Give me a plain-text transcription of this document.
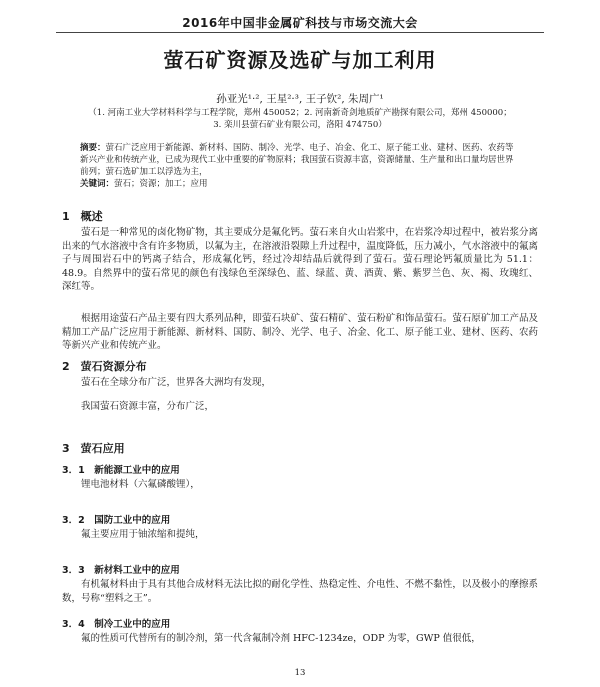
2016年中国非金属矿科技与市场交流大会
萤石矿资源及选矿与加工利用
孙亚光¹·², 王星²·³, 王子钦², 朱周广¹
（1. 河南工业大学材料科学与工程学院，郑州 450052；2. 河南新奇剑地质矿产勘探有限公司，郑州 450000；
3. 栾川县萤石矿业有限公司，洛阳 474750）
摘要：萤石广泛应用于新能源、新材料、国防、制冷、光学、电子、冶金、化工、原子能工业、建材、医药、农药等新兴产业和传统产业，已成为现代工业中重要的矿物原料；我国萤石资源丰富，资源储量、生产量和出口量均居世界前列；萤石选矿加工以浮选为主，
关键词：萤石；资源；加工；应用
1　概述
萤石是一种常见的卤化物矿物，其主要成分是氟化钙。萤石来自火山岩浆中，在岩浆冷却过程中，被岩浆分离出来的气水溶液中含有许多物质，以氟为主，在溶液沿裂隙上升过程中，温度降低，压力减小，气水溶液中的氟离子与周围岩石中的钙离子结合，形成氟化钙，经过冷却结晶后就得到了萤石。萤石理论钙氟质量比为 51.1：48.9。自然界中的萤石常见的颜色有浅绿色至深绿色、蓝、绿蓝、黄、酒黄、紫、紫罗兰色、灰、褐、玫瑰红、深红等。
根据用途萤石产品主要有四大系列品种，即萤石块矿、萤石精矿、萤石粉矿和饰品萤石。萤石原矿加工产品及精加工产品广泛应用于新能源、新材料、国防、制冷、光学、电子、冶金、化工、原子能工业、建材、医药、农药等新兴产业和传统产业。
2　萤石资源分布
萤石在全球分布广泛，世界各大洲均有发现，
我国萤石资源丰富，分布广泛，
3　萤石应用
3．1　新能源工业中的应用
锂电池材料（六氟磷酸锂），
3．2　国防工业中的应用
氟主要应用于铀浓缩和提纯，
3．3　新材料工业中的应用
有机氟材料由于具有其他合成材料无法比拟的耐化学性、热稳定性、介电性、不燃不黏性，以及极小的摩擦系数，号称“塑料之王”。
3．4　制冷工业中的应用
氟的性质可代替所有的制冷剂，第一代含氟制冷剂 HFC-1234ze，ODP 为零，GWP 值很低，
13
